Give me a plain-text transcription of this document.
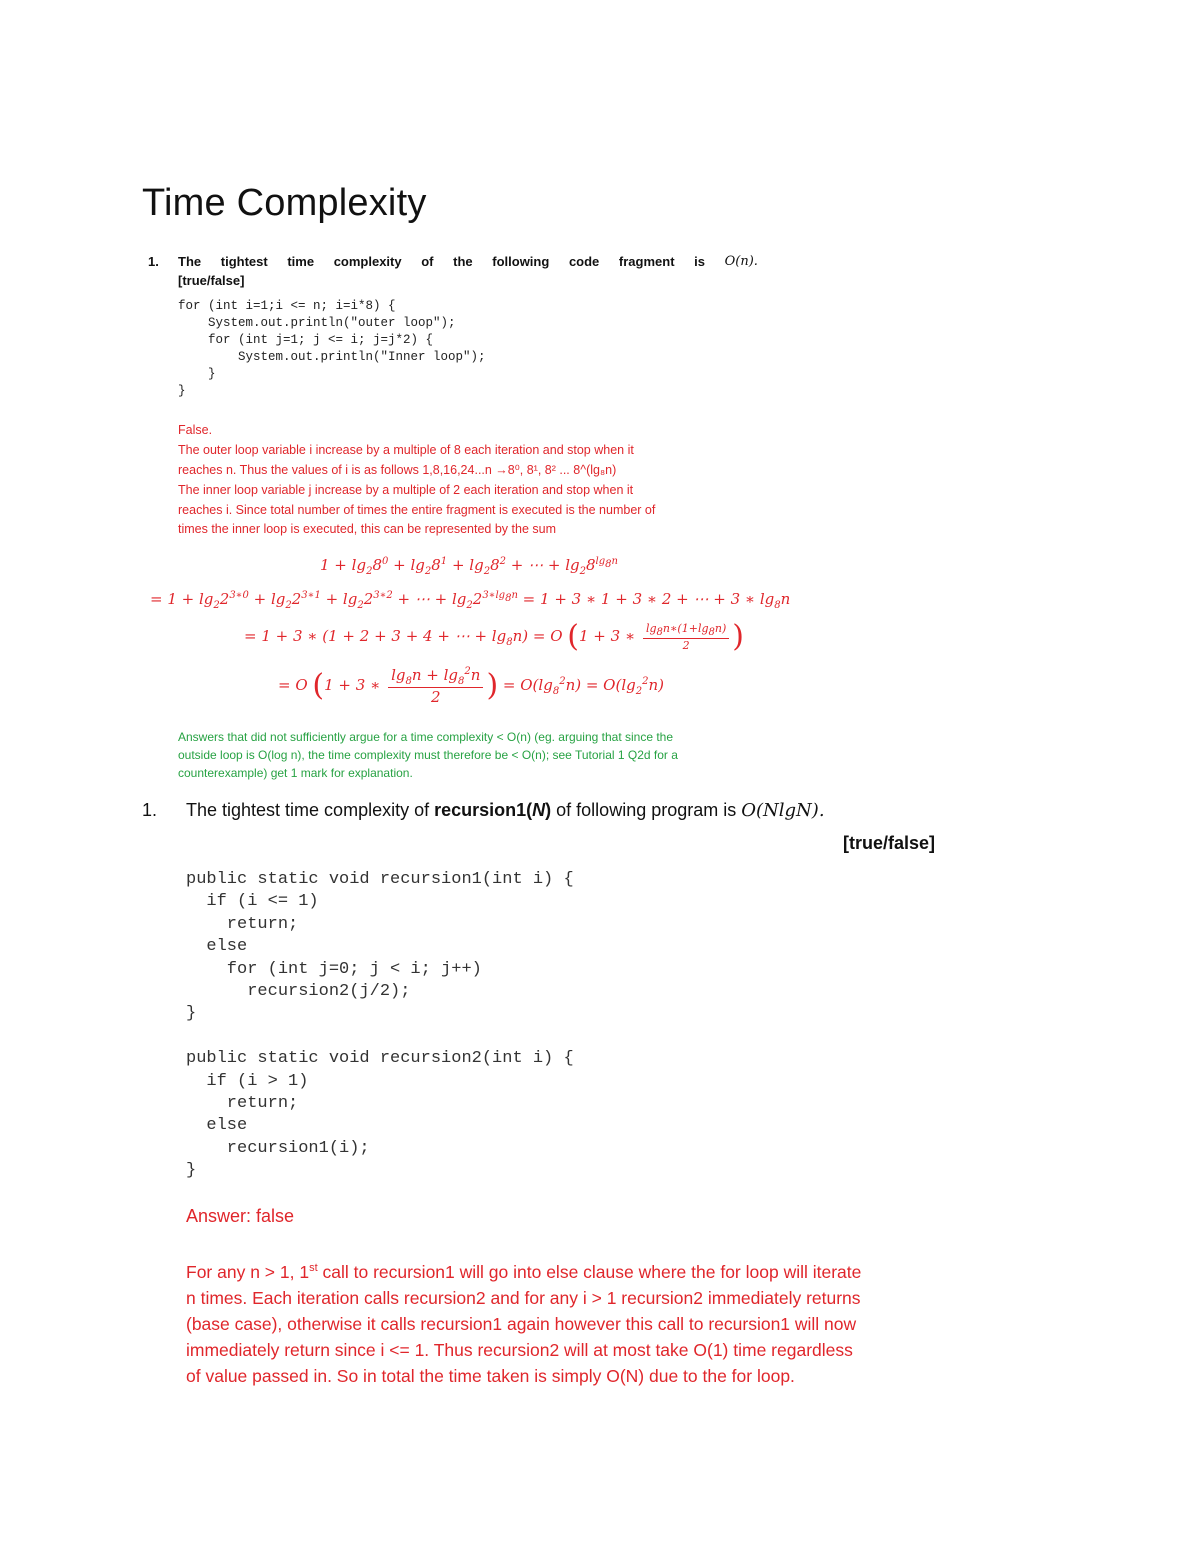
Time Complexity
1. The tightest time complexity of the following code fragment is O(n).
[true/false]
for (int i=1;i <= n; i=i*8) {
System.out.println("outer loop");
for (int j=1; j <= i; j=j*2) {
System.out.println("Inner loop");
}
}
False.
The outer loop variable i increase by a multiple of 8 each iteration and stop when it
reaches n. Thus the values of i is as follows 1,8,16,24...n →8⁰, 8¹, 8² ... 8^(lg₈n)
The inner loop variable j increase by a multiple of 2 each iteration and stop when it
reaches i. Since total number of times the entire fragment is executed is the number of
times the inner loop is executed, this can be represented by the sum
$1 + \lg_28^0 + \lg_28^1 + \lg_28^2$ + ⋯ + $\lg_28^{lg_8n}$
= $1 + \lg_22^{3∗0} + \lg_22^{3∗1} + \lg_22^{3∗2}$ + ⋯ + $\lg_22^{3∗lg_8n} = 1 + 3$ ∗ 1 + 3 ∗ 2 + ⋯ + 3 ∗ $\lg_8n$
= 1 + 3 ∗ (1 + 2 + 3 + 4 + ⋯ + $\lg_8n) = O$ (1 + 3 ∗ $\frac{\lg_8n∗(1+\lg_8n)}{2}$ )
= O (1 + 3 ∗ $\frac{\lg_8n + \lg_8^2n}{2}$ ) = $O(\lg_8^2n) = O(\lg_2^2n)$
Answers that did not sufficiently argue for a time complexity < O(n) (eg. arguing that since the
outside loop is O(log n), the time complexity must therefore be < O(n); see Tutorial 1 Q2d for a
counterexample) get 1 mark for explanation.
1. The tightest time complexity of recursion1(N) of following program is O(NlgN).
[true/false]
public static void recursion1(int i) {
if (i <= 1)
return;
else
for (int j=0; j < i; j++)
recursion2(j/2);
}

public static void recursion2(int i) {
if (i > 1)
return;
else
recursion1(i);
}
Answer: false
For any n > 1, 1st call to recursion1 will go into else clause where the for loop will iterate
n times. Each iteration calls recursion2 and for any i > 1 recursion2 immediately returns
(base case), otherwise it calls recursion1 again however this call to recursion1 will now
immediately return since i <= 1. Thus recursion2 will at most take O(1) time regardless
of value passed in. So in total the time taken is simply O(N) due to the for loop.
